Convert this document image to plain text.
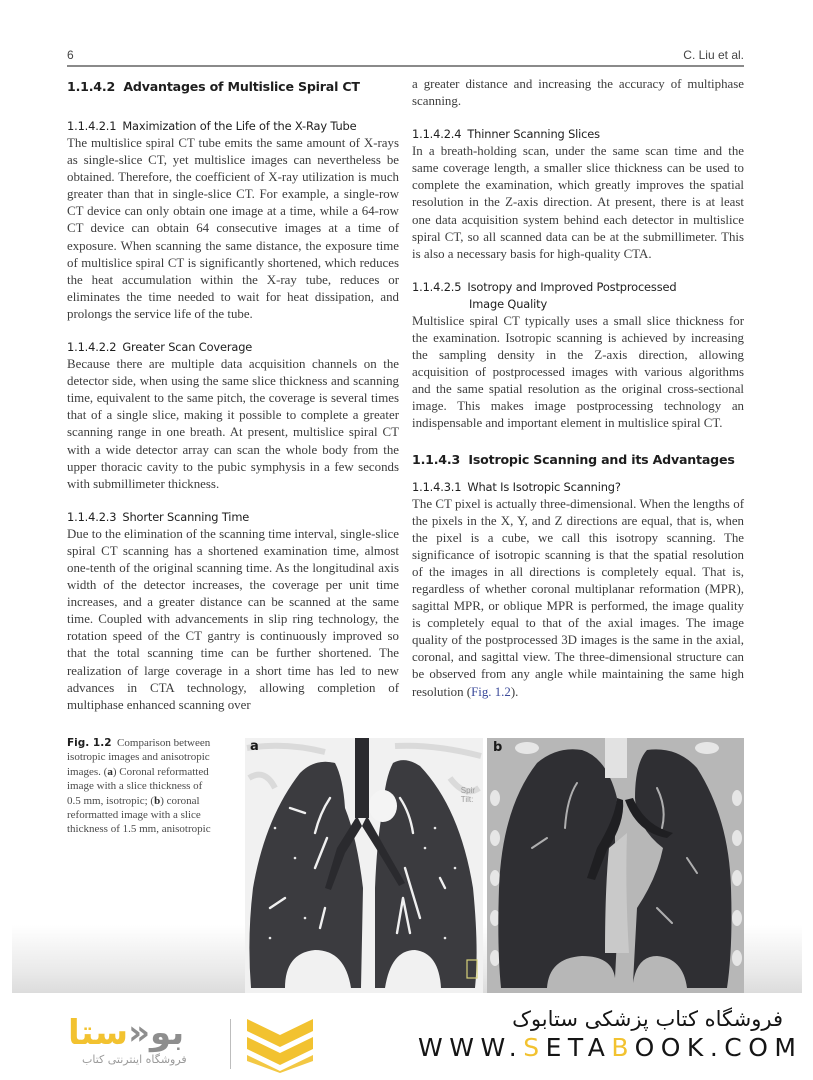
6	C. Liu et al.
1.1.4.2 Advantages of Multislice Spiral CT
1.1.4.2.1 Maximization of the Life of the X-Ray Tube

The multislice spiral CT tube emits the same amount of X-rays as single-slice CT, yet multislice images can nevertheless be obtained. Therefore, the coefficient of X-ray utilization is much greater than that in single-slice CT. For example, a single-row CT device can only obtain one image at a time, while a 64-row CT device can obtain 64 consecutive images at a time of exposure. When scanning the same distance, the exposure time of multislice spiral CT is significantly shortened, which reduces the heat accumulation within the X-ray tube, reduces or eliminates the time needed to wait for heat dissipation, and prolongs the service life of the tube.

1.1.4.2.2 Greater Scan Coverage

Because there are multiple data acquisition channels on the detector side, when using the same slice thickness and scanning time, equivalent to the same pitch, the coverage is several times that of a single slice, making it possible to complete a greater scanning range in one breath. At present, multislice spiral CT with a wide detector array can scan the whole body from the upper thoracic cavity to the pubic symphysis in a few seconds with submillimeter thickness.

1.1.4.2.3 Shorter Scanning Time

Due to the elimination of the scanning time interval, single-slice spiral CT scanning has a shortened examination time, almost one-tenth of the original scanning time. As the longitudinal axis width of the detector increases, the coverage per unit time increases, and a greater distance can be scanned at the same time. Coupled with advancements in slip ring technology, the rotation speed of the CT gantry is continuously improved so that the total scanning time can be further shortened. The realization of large coverage in a short time has led to new advances in CTA technology, allowing completion of multiphase enhanced scanning over

a greater distance and increasing the accuracy of multiphase scanning.

1.1.4.2.4 Thinner Scanning Slices

In a breath-holding scan, under the same scan time and the same coverage length, a smaller slice thickness can be used to complete the examination, which greatly improves the spatial resolution in the Z-axis direction. At present, there is at least one data acquisition system behind each detector in multislice spiral CT, so all scanned data can be at the submillimeter. This is also a necessary basis for high-quality CTA.

1.1.4.2.5 Isotropy and Improved Postprocessed
Image Quality

Multislice spiral CT typically uses a small slice thickness for the examination. Isotropic scanning is achieved by increasing the sampling density in the Z-axis direction, allowing acquisition of postprocessed images with various algorithms and the same spatial resolution as the original cross-sectional image. This makes image postprocessing technology an indispensable and important element in multislice spiral CT.

1.1.4.3 Isotropic Scanning and its Advantages
1.1.4.3.1 What Is Isotropic Scanning?

The CT pixel is actually three-dimensional. When the lengths of the pixels in the X, Y, and Z directions are equal, that is, when the pixel is a cube, we call this isotropy scanning. The significance of isotropic scanning is that the spatial resolution of the images in all directions is completely equal. That is, regardless of whether coronal multiplanar reformation (MPR), sagittal MPR, or oblique MPR is performed, the image quality is completely equal to that of the axial images. The image quality of the postprocessed 3D images is the same in the axial, coronal, and sagittal view. The three-dimensional structure can be observed from any angle while maintaining the same high resolution (Fig. 1.2).

Fig. 1.2 Comparison between isotropic images and anisotropic images. (a) Coronal reformatted image with a slice thickness of 0.5 mm, isotropic; (b) coronal reformatted image with a slice thickness of 1.5 mm, anisotropic
a
Spir
Tilt:
b
بو«ستا
فروشگاه اینترنتی کتاب
فروشگاه کتاب پزشکی ستابوک
WWW.SETABOOK.COM
